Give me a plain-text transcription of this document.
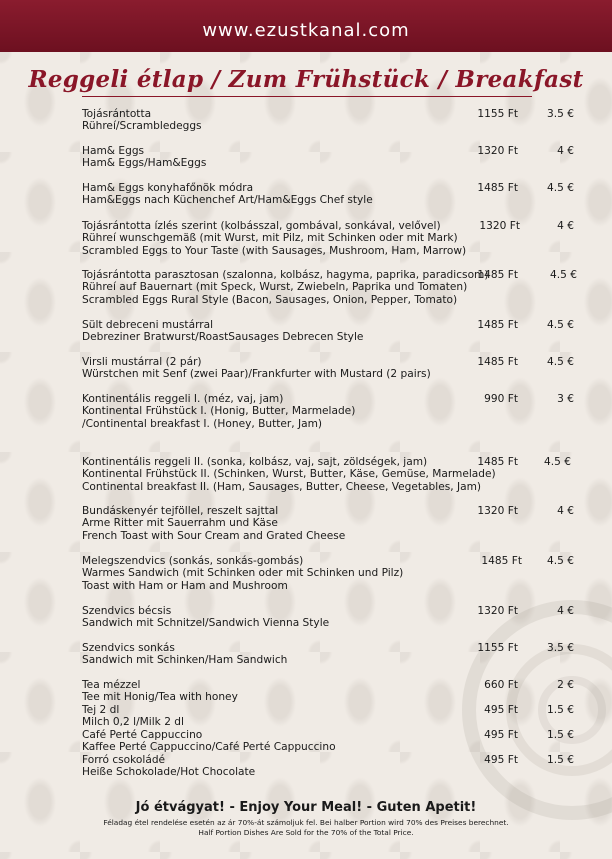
www.ezustkanal.com
Reggeli étlap / Zum Frühstück / Breakfast
Tojásrántotta
Rühreí/Scrambledeggs
1155 Ft	3.5 €
Ham& Eggs
Ham& Eggs/Ham&Eggs
1320 Ft	4 €
Ham& Eggs konyhafőnök módra
Ham&Eggs nach Küchenchef Art/Ham&Eggs Chef style
1485 Ft	4.5 €
Tojásrántotta ízlés szerint (kolbásszal, gombával, sonkával, velővel)
Rühreí wunschgemäß (mit Wurst, mit Pilz, mit Schinken oder mit Mark)
Scrambled Eggs to Your Taste (with Sausages, Mushroom, Ham, Marrow)
1320 Ft	4 €
Tojásrántotta parasztosan (szalonna, kolbász, hagyma, paprika, paradicsom)
Rühreí auf Bauernart (mit Speck, Wurst, Zwiebeln, Paprika und Tomaten)
Scrambled Eggs Rural Style (Bacon, Sausages, Onion, Pepper, Tomato)
1485 Ft	4.5 €
Sült debreceni mustárral
Debreziner Bratwurst/RoastSausages Debrecen Style
1485 Ft	4.5 €
Virsli mustárral (2 pár)
Würstchen mit Senf (zwei Paar)/Frankfurter with Mustard (2 pairs)
1485 Ft	4.5 €
Kontinentális reggeli I. (méz, vaj, jam)
Kontinental Frühstück I. (Honig, Butter, Marmelade)
/Continental breakfast I. (Honey, Butter, Jam)
990 Ft	3 €
Kontinentális reggeli II. (sonka, kolbász, vaj, sajt, zöldségek, jam)
Kontinental Frühstück II. (Schinken, Wurst, Butter, Käse, Gemüse, Marmelade)
Continental breakfast II. (Ham, Sausages, Butter, Cheese, Vegetables, Jam)
1485 Ft	4.5 €
Bundáskenyér tejföllel, reszelt sajttal
Arme Ritter mit Sauerrahm und Käse
French Toast with Sour Cream and Grated Cheese
1320 Ft	4 €
Melegszendvics (sonkás, sonkás-gombás)
Warmes Sandwich (mit Schinken oder mit Schinken und Pilz)
Toast with Ham or Ham and Mushroom
1485 Ft	4.5 €
Szendvics bécsis
Sandwich mit Schnitzel/Sandwich Vienna Style
1320 Ft	4 €
Szendvics sonkás
Sandwich mit Schinken/Ham Sandwich
1155 Ft	3.5 €
Tea mézzel
Tee mit Honig/Tea with honey
660 Ft	2 €
Tej 2 dl
Milch 0,2 l/Milk 2 dl
495 Ft	1.5 €
Café Perté Cappuccino
Kaffee Perté Cappuccino/Café Perté Cappuccino
495 Ft	1.5 €
Forró csokoládé
Heiße Schokolade/Hot Chocolate
495 Ft	1.5 €
Jó étvágyat! - Enjoy Your Meal! - Guten Apetit!
Féladag étel rendelése esetén az ár 70%-át számoljuk fel. Bei halber Portion wird 70% des Preises berechnet.
Half Portion Dishes Are Sold for the 70% of the Total Price.
